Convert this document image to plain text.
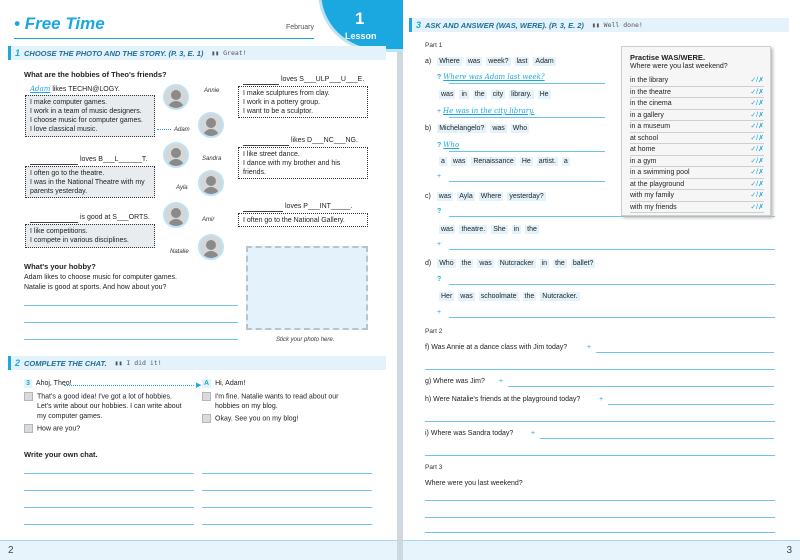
• Free Time	February 1
Lesson
1 CHOOSE THE PHOTO AND THE STORY. (P. 3, E. 1) ▮▮ Great!
What are the hobbies of Theo's friends?
Adam likes TECHN@LOGY.
I make computer games.
I work in a team of music designers.
I choose music for computer games.
I love classical music.
loves B___L______T.
I often go to the theatre.
I was in the National Theatre with my
parents yesterday.
is good at S___ORTS.
I like competitions.
I compete in various disciplines.
Annie
Adam
Sandra
Ayla
Amir
Natalie
loves S___ULP___U___E.
I make sculptures from clay.
I work in a pottery group.
I want to be a sculptor.
likes D___NC___NG.
I like street dance.
I dance with my brother and his
friends.
loves P___INT_____.
I often go to the National Gallery.
Stick your photo here.
What's your hobby?
Adam likes to choose music for computer games.
Natalie is good at sports. And how about you?
2 COMPLETE THE CHAT. ▮▮ I did it!
3 Ahoj, Theo!	▶
That's a good idea! I've got a lot of hobbies.
Let's write about our hobbies. I can write about
my computer games.
How are you?
A Hi, Adam!
I'm fine. Natalie wants to read about our
hobbies on my blog.
Okay. See you on my blog!
Write your own chat.
2
3 ASK AND ANSWER (WAS, WERE). (P. 3, E. 2) ▮▮ Well done!
Part 1
a) Where was week? last Adam
? Where was Adam last week?
was in the city library. He
+ He was in the city library.
b) Michelangelo? was Who
? Who
a was Renaissance He artist. a
+
c) was Ayla Where yesterday?
?
was theatre. She in the
+
d) Who the was Nutcracker in the ballet?
?
Her was schoolmate the Nutcracker.
+
Practise WAS/WERE.
Where were you last weekend?
in the library	✓/✗
in the theatre	✓/✗
in the cinema	✓/✗
in a gallery	✓/✗
in a museum	✓/✗
at school	✓/✗
at home	✓/✗
in a gym	✓/✗
in a swimming pool	✓/✗
at the playground	✓/✗
with my family	✓/✗
with my friends	✓/✗
Part 2
f) Was Annie at a dance class with Jim today?	+
g) Where was Jim? +
h) Were Natalie's friends at the playground today?	+
i) Where was Sandra today?	+
Part 3
Where were you last weekend?
3
